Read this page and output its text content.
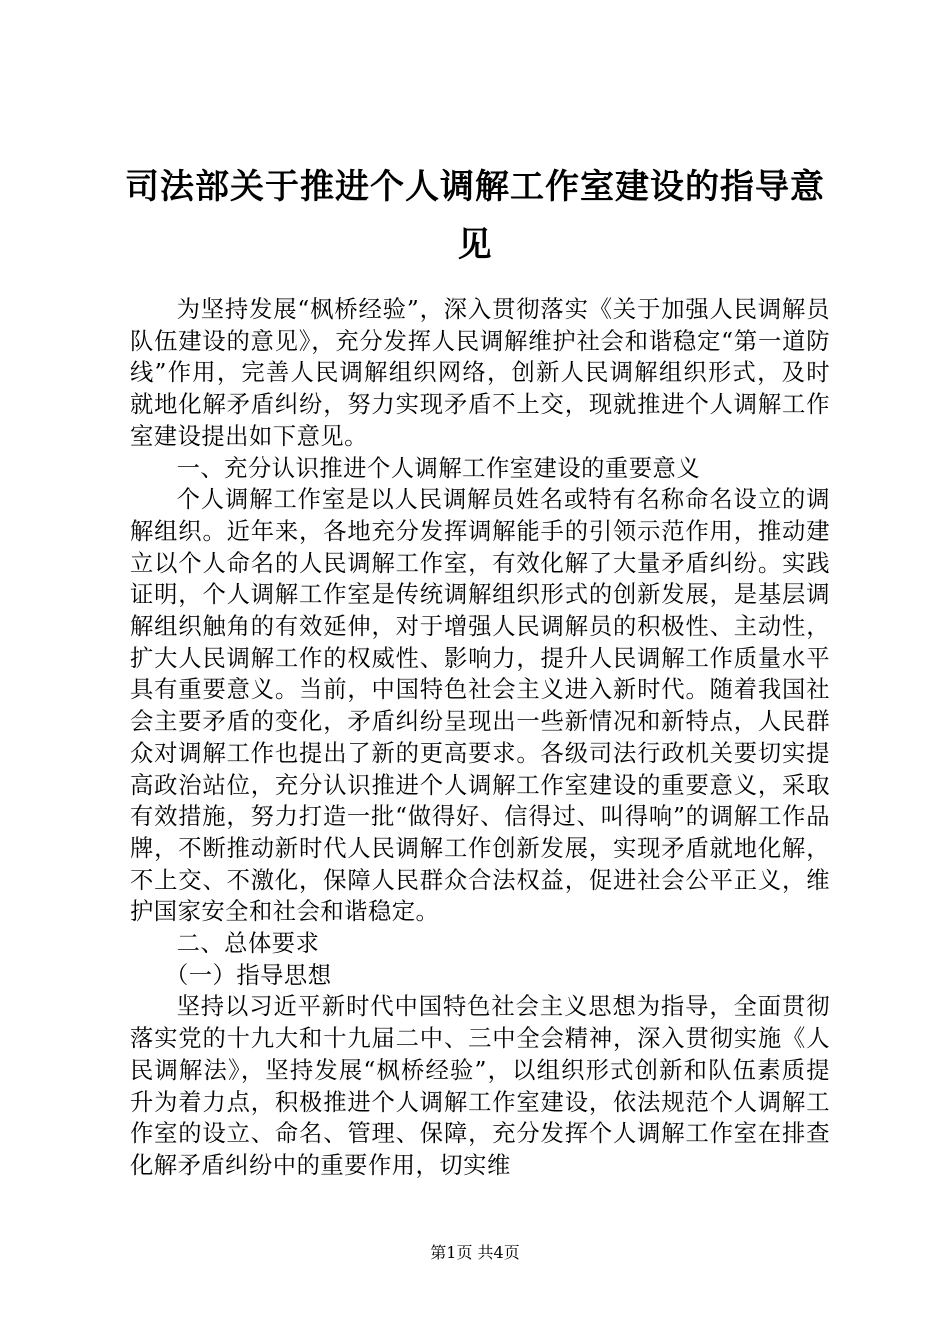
司法部关于推进个人调解工作室建设的指导意见

为坚持发展“枫桥经验”，深入贯彻落实《关于加强人民调解员队伍建设的意见》，充分发挥人民调解维护社会和谐稳定“第一道防线”作用，完善人民调解组织网络，创新人民调解组织形式，及时就地化解矛盾纠纷，努力实现矛盾不上交，现就推进个人调解工作室建设提出如下意见。

一、充分认识推进个人调解工作室建设的重要意义

个人调解工作室是以人民调解员姓名或特有名称命名设立的调解组织。近年来，各地充分发挥调解能手的引领示范作用，推动建立以个人命名的人民调解工作室，有效化解了大量矛盾纠纷。实践证明，个人调解工作室是传统调解组织形式的创新发展，是基层调解组织触角的有效延伸，对于增强人民调解员的积极性、主动性，扩大人民调解工作的权威性、影响力，提升人民调解工作质量水平具有重要意义。当前，中国特色社会主义进入新时代。随着我国社会主要矛盾的变化，矛盾纠纷呈现出一些新情况和新特点，人民群众对调解工作也提出了新的更高要求。各级司法行政机关要切实提高政治站位，充分认识推进个人调解工作室建设的重要意义，采取有效措施，努力打造一批“做得好、信得过、叫得响”的调解工作品牌，不断推动新时代人民调解工作创新发展，实现矛盾就地化解，不上交、不激化，保障人民群众合法权益，促进社会公平正义，维护国家安全和社会和谐稳定。

二、总体要求

（一）指导思想

坚持以习近平新时代中国特色社会主义思想为指导，全面贯彻落实党的十九大和十九届二中、三中全会精神，深入贯彻实施《人民调解法》，坚持发展“枫桥经验”，以组织形式创新和队伍素质提升为着力点，积极推进个人调解工作室建设，依法规范个人调解工作室的设立、命名、管理、保障，充分发挥个人调解工作室在排查化解矛盾纠纷中的重要作用，切实维

第1页 共4页
